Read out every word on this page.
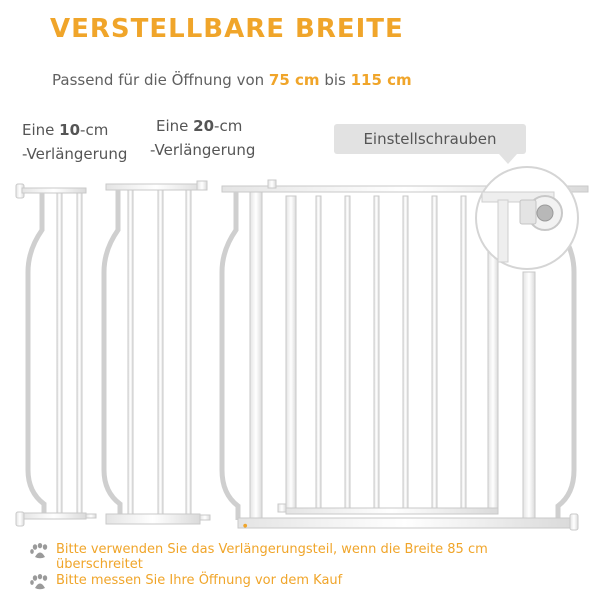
VERSTELLBARE BREITE
Passend für die Öffnung von 75 cm bis 115 cm
Eine 10-cm
-Verlängerung
Eine 20-cm
-Verlängerung
Einstellschrauben
●
Bitte verwenden Sie das Verlängerungsteil, wenn die Breite 85 cm
überschreitet
Bitte messen Sie Ihre Öffnung vor dem Kauf
